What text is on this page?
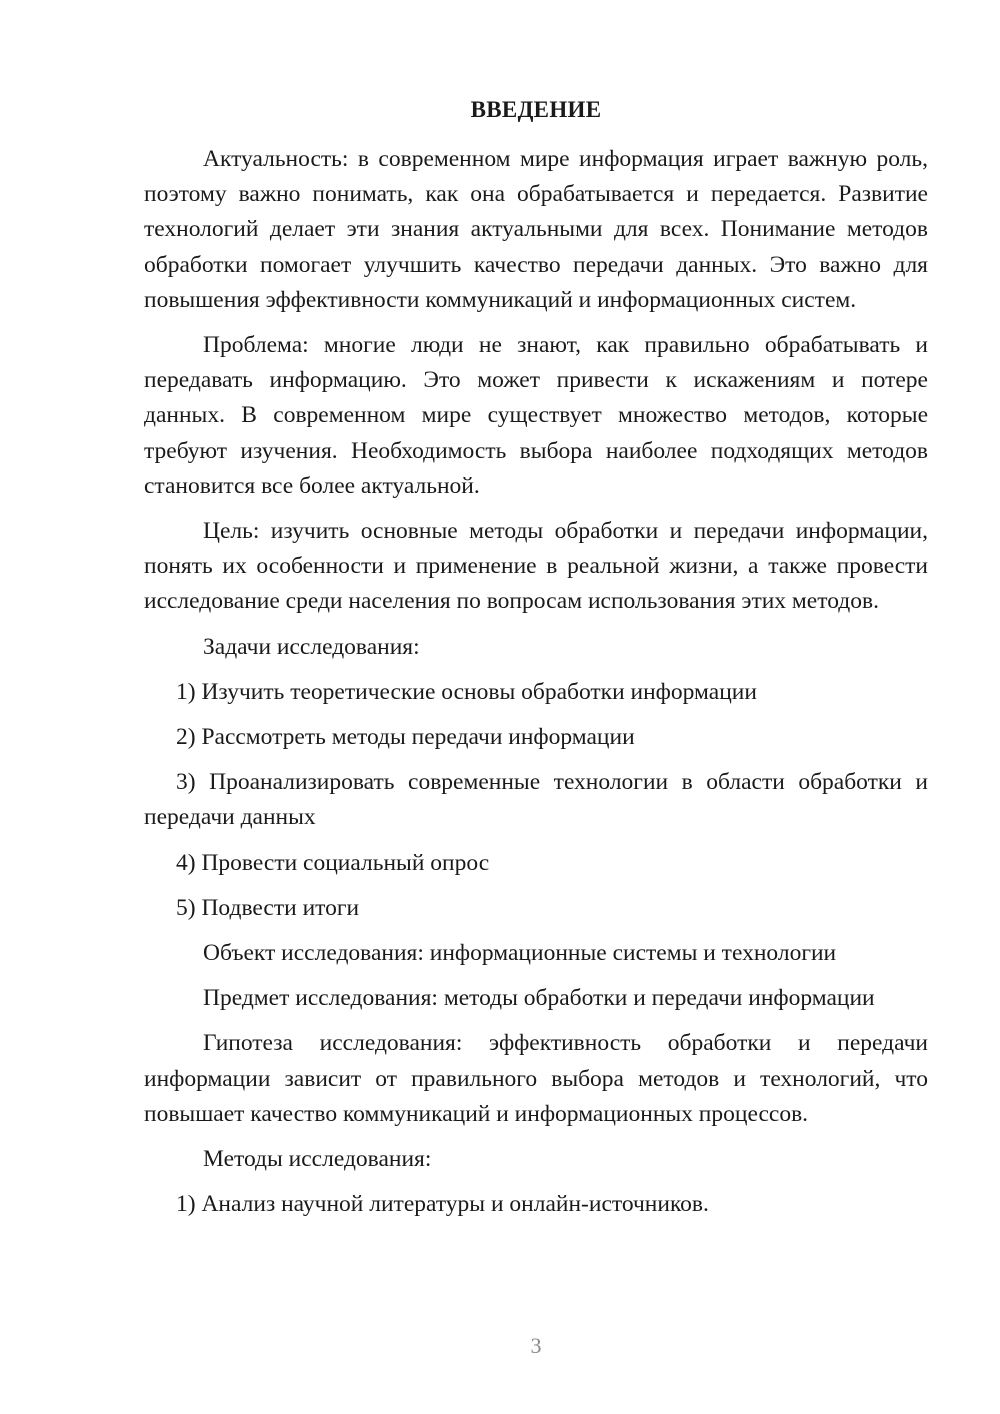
ВВЕДЕНИЕ

Актуальность: в современном мире информация играет важную роль, поэтому важно понимать, как она обрабатывается и передается. Развитие технологий делает эти знания актуальными для всех. Понимание методов обработки помогает улучшить качество передачи данных. Это важно для повышения эффективности коммуникаций и информационных систем.

Проблема: многие люди не знают, как правильно обрабатывать и передавать информацию. Это может привести к искажениям и потере данных. В современном мире существует множество методов, которые требуют изучения. Необходимость выбора наиболее подходящих методов становится все более актуальной.

Цель: изучить основные методы обработки и передачи информации, понять их особенности и применение в реальной жизни, а также провести исследование среди населения по вопросам использования этих методов.

Задачи исследования:

1) Изучить теоретические основы обработки информации

2) Рассмотреть методы передачи информации

3) Проанализировать современные технологии в области обработки и передачи данных

4) Провести социальный опрос

5) Подвести итоги

Объект исследования: информационные системы и технологии

Предмет исследования: методы обработки и передачи информации

Гипотеза исследования: эффективность обработки и передачи информации зависит от правильного выбора методов и технологий, что повышает качество коммуникаций и информационных процессов.

Методы исследования:

1) Анализ научной литературы и онлайн-источников.

3
